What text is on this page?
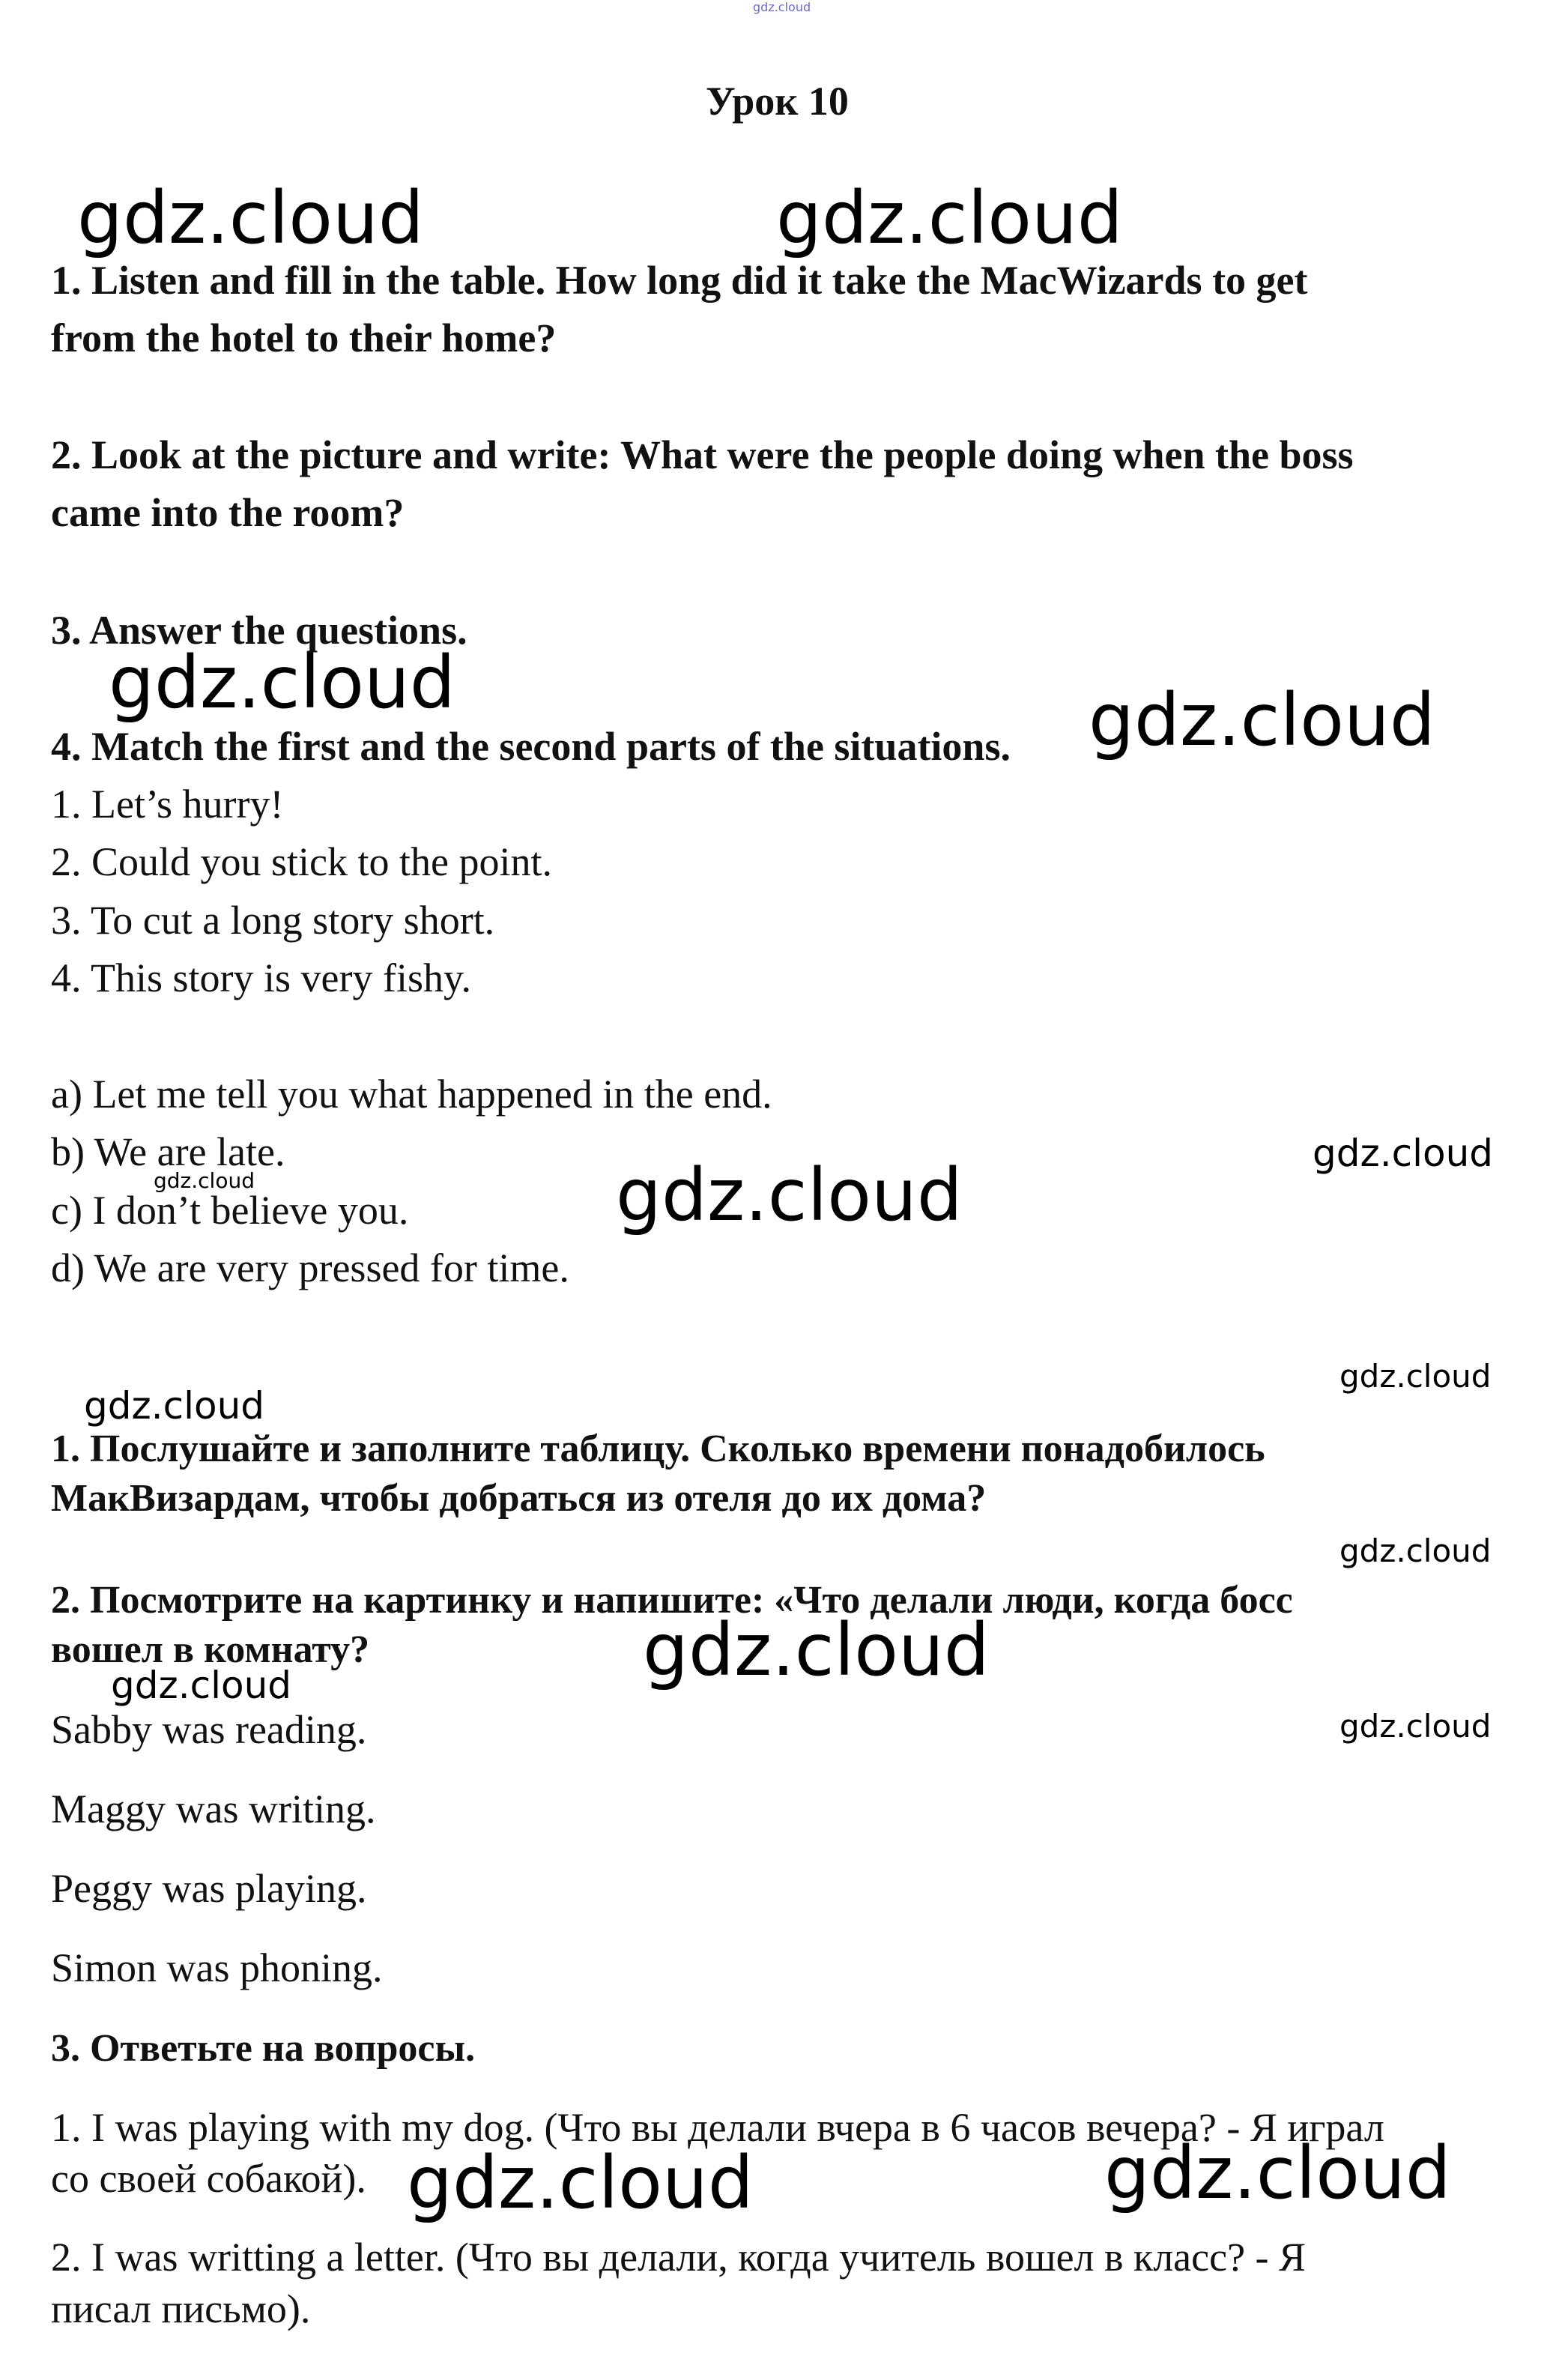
gdz.cloud
Урок 10
1. Listen and fill in the table. How long did it take the MacWizards to get
from the hotel to their home?
2. Look at the picture and write: What were the people doing when the boss
came into the room?
3. Answer the questions.
4. Match the first and the second parts of the situations.
1. Let’s hurry!
2. Could you stick to the point.
3. To cut a long story short.
4. This story is very fishy.
a) Let me tell you what happened in the end.
b) We are late.
c) I don’t believe you.
d) We are very pressed for time.
1. Послушайте и заполните таблицу. Сколько времени понадобилось
МакВизардам, чтобы добраться из отеля до их дома?
2. Посмотрите на картинку и напишите: «Что делали люди, когда босс
вошел в комнату?
Sabby was reading.
Maggy was writing.
Peggy was playing.
Simon was phoning.
3. Ответьте на вопросы.
1. I was playing with my dog. (Что вы делали вчера в 6 часов вечера? - Я играл
со своей собакой).
2. I was writting a letter. (Что вы делали, когда учитель вошел в класс? - Я
писал письмо).
gdz.cloud	gdz.cloud
gdz.cloud	gdz.cloud
gdz.cloud
gdz.cloud	gdz.cloud
gdz.cloud
gdz.cloud
gdz.cloud
gdz.cloud
gdz.cloud
gdz.cloud
gdz.cloud	gdz.cloud
